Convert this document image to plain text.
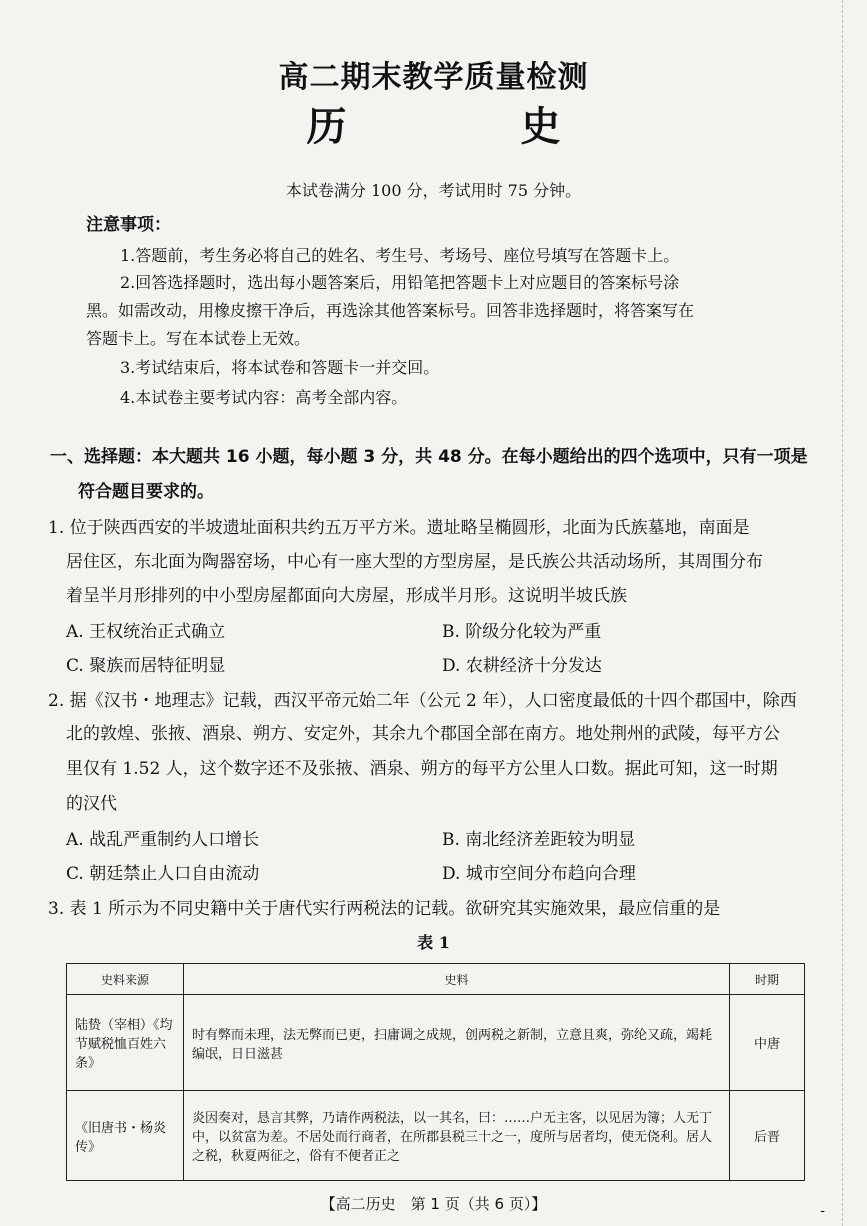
高二期末教学质量检测
历 史
本试卷满分 100 分，考试用时 75 分钟。
注意事项：
1.答题前，考生务必将自己的姓名、考生号、考场号、座位号填写在答题卡上。
2.回答选择题时，选出每小题答案后，用铅笔把答题卡上对应题目的答案标号涂
黑。如需改动，用橡皮擦干净后，再选涂其他答案标号。回答非选择题时，将答案写在
答题卡上。写在本试卷上无效。
3.考试结束后，将本试卷和答题卡一并交回。
4.本试卷主要考试内容：高考全部内容。
一、选择题：本大题共 16 小题，每小题 3 分，共 48 分。在每小题给出的四个选项中，只有一项是
符合题目要求的。
1. 位于陕西西安的半坡遗址面积共约五万平方米。遗址略呈椭圆形，北面为氏族墓地，南面是
居住区，东北面为陶器窑场，中心有一座大型的方型房屋，是氏族公共活动场所，其周围分布
着呈半月形排列的中小型房屋都面向大房屋，形成半月形。这说明半坡氏族
A. 王权统治正式确立	B. 阶级分化较为严重
C. 聚族而居特征明显	D. 农耕经济十分发达
2. 据《汉书・地理志》记载，西汉平帝元始二年（公元 2 年），人口密度最低的十四个郡国中，除西
北的敦煌、张掖、酒泉、朔方、安定外，其余九个郡国全部在南方。地处荆州的武陵，每平方公
里仅有 1.52 人，这个数字还不及张掖、酒泉、朔方的每平方公里人口数。据此可知，这一时期
的汉代
A. 战乱严重制约人口增长	B. 南北经济差距较为明显
C. 朝廷禁止人口自由流动	D. 城市空间分布趋向合理
3. 表 1 所示为不同史籍中关于唐代实行两税法的记载。欲研究其实施效果，最应信重的是
表 1
史料来源	史料	时期
陆贽（宰相）《均节赋税恤百姓六条》	时有弊而未理，法无弊而已更，扫庸调之成规，创两税之新制，立意且爽，弥纶又疏，竭耗编氓，日日滋甚	中唐
《旧唐书・杨炎传》	炎因奏对，恳言其弊，乃请作两税法，以一其名，曰：……户无主客，以见居为簿；人无丁中，以贫富为差。不居处而行商者，在所郡县税三十之一，度所与居者均，使无侥利。居人之税，秋夏两征之，俗有不便者正之	后晋
【高二历史　第 1 页（共 6 页）】	-
